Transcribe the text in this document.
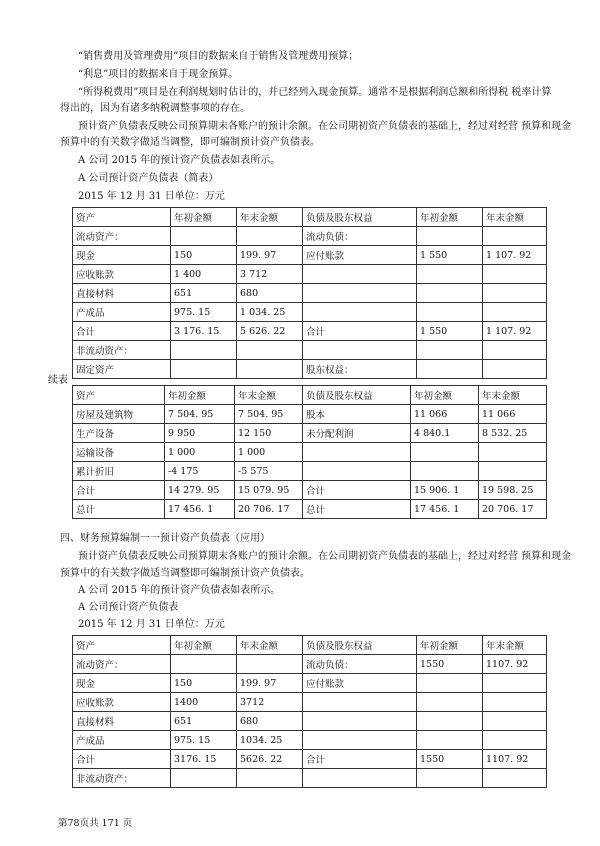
“销售费用及管理费用”项目的数据来自于销售及管理费用预算；
“利息”项目的数据来自于现金预算。
“所得税费用”项目是在利润规划时估计的，并已经列入现金预算。通常不是根据利润总额和所得税 税率计算
得出的，因为有诸多纳税调整事项的存在。
预计资产负债表反映公司预算期末各账户的预计余额。在公司期初资产负债表的基础上，经过对经营 预算和现金
预算中的有关数字做适当调整，即可编制预计资产负债表。
A 公司 2015 年的预计资产负债表如表所示。
A 公司预计资产负债表（简表）
2015 年 12 月 31 日单位：万元
资产	年初金额	年末金额	负债及股东权益	年初金额	年末金额
流动资产：			流动负债：		
现金	150	199. 97	应付账款	1 550	1 107. 92
应收账款	1 400	3 712			
直接材料	651	680			
产成品	975. 15	1 034. 25			
合计	3 176. 15	5 626. 22	合计	1 550	1 107. 92
非流动资产：					
固定资产			股东权益：		
续表
资产	年初金额	年末金额	负债及股东权益	年初金额	年末金额
房屋及建筑物	7 504. 95	7 504. 95	股本	11 066	11 066
生产设备	9 950	12 150	未分配利润	4 840.1	8 532. 25
运输设备	1 000	1 000			
累计折旧	-4 175	-5 575			
合计	14 279. 95	15 079. 95	合计	15 906. 1	19 598. 25
总计	17 456. 1	20 706. 17	总计	17 456. 1	20 706. 17
四、财务预算编制一一预计资产负债表（应用）
预计资产负债表反映公司预算期末各账户的预计余额。在公司期初资产负债表的基础上，经过对经营 预算和现金
预算中的有关数字做适当调整即可编制预计资产负债表。
A 公司 2015 年的预计资产负债表如表所示。
A 公司预计资产负债表
2015 年 12 月 31 日单位：万元
资产	年初金额	年末金额	负债及股东权益	年初金额	年末金额
流动资产：			流动负债：	1550	1107. 92
现金	150	199. 97	应付账款		
应收账款	1400	3712			
直接材料	651	680			
产成品	975. 15	1034. 25			
合计	3176. 15	5626. 22	合计	1550	1107. 92
非流动资产：					
第78页共 171 页
